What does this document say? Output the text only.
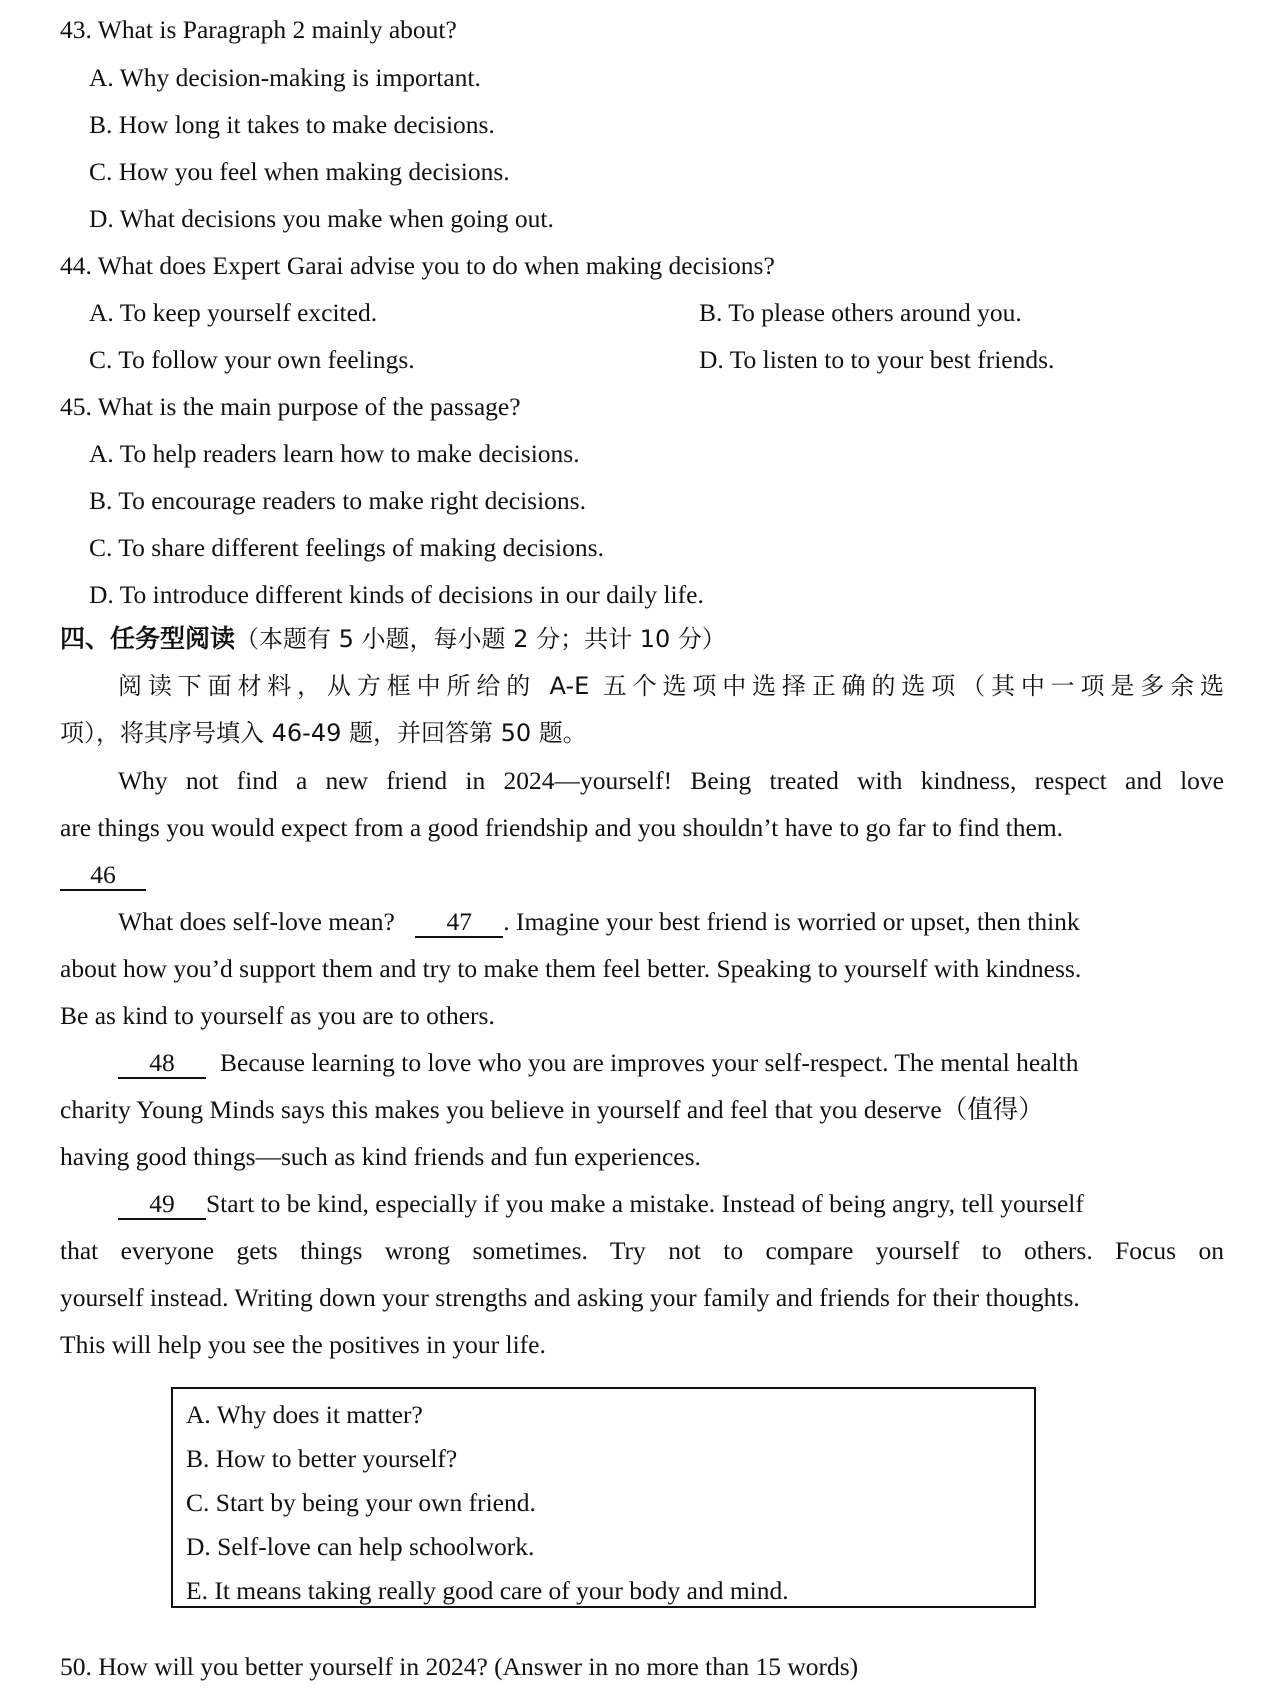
43. What is Paragraph 2 mainly about?
A. Why decision-making is important.
B. How long it takes to make decisions.
C. How you feel when making decisions.
D. What decisions you make when going out.
44. What does Expert Garai advise you to do when making decisions?
A. To keep yourself excited.	B. To please others around you.
C. To follow your own feelings.	D. To listen to to your best friends.
45. What is the main purpose of the passage?
A. To help readers learn how to make decisions.
B. To encourage readers to make right decisions.
C. To share different feelings of making decisions.
D. To introduce different kinds of decisions in our daily life.
四、任务型阅读（本题有 5 小题，每小题 2 分；共计 10 分）
阅读下面材料，从方框中所给的 A-E 五个选项中选择正确的选项（其中一项是多余选
项），将其序号填入 46-49 题，并回答第 50 题。
Why not find a new friend in 2024—yourself! Being treated with kindness, respect and love
are things you would expect from a good friendship and you shouldn’t have to go far to find them.
46
What does self-love mean? 47 . Imagine your best friend is worried or upset, then think
about how you’d support them and try to make them feel better. Speaking to yourself with kindness.
Be as kind to yourself as you are to others.
48 Because learning to love who you are improves your self-respect. The mental health
charity Young Minds says this makes you believe in yourself and feel that you deserve（值得）
having good things—such as kind friends and fun experiences.
49 Start to be kind, especially if you make a mistake. Instead of being angry, tell yourself
that everyone gets things wrong sometimes. Try not to compare yourself to others. Focus on
yourself instead. Writing down your strengths and asking your family and friends for their thoughts.
This will help you see the positives in your life.
A. Why does it matter?
B. How to better yourself?
C. Start by being your own friend.
D. Self-love can help schoolwork.
E. It means taking really good care of your body and mind.
50. How will you better yourself in 2024? (Answer in no more than 15 words)
